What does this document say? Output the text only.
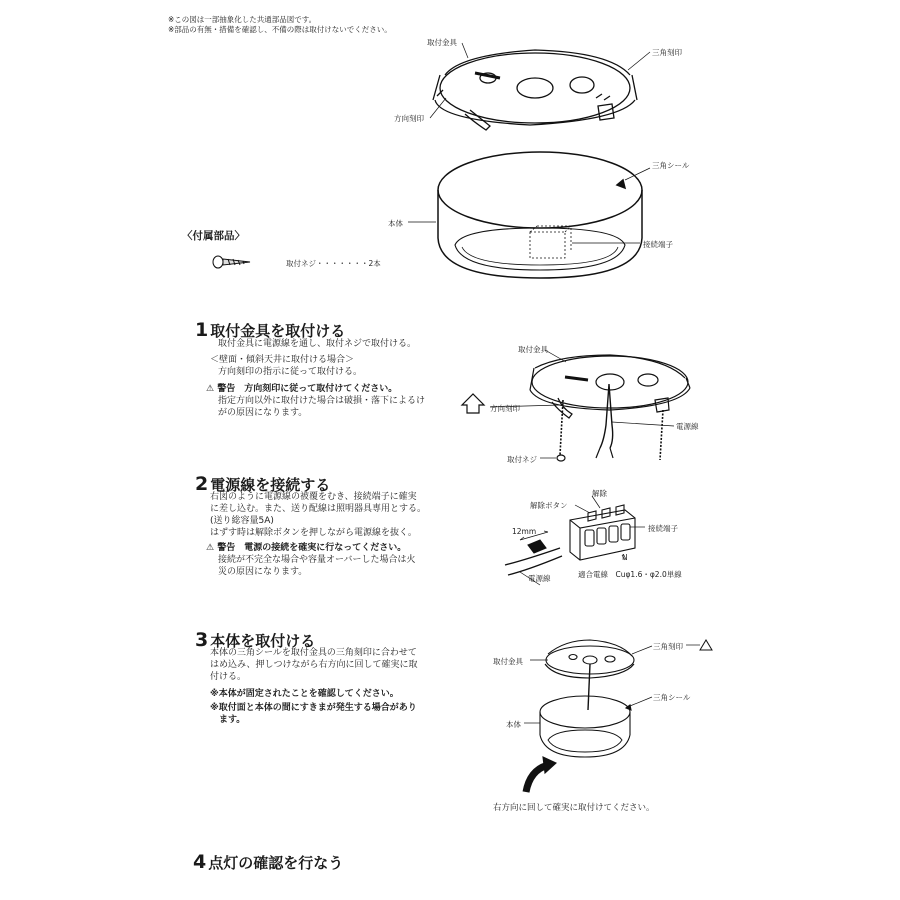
※この図は一部抽象化した共通部品図です。
※部品の有無・措備を確認し、不備の際は取付けないでください。
取付金具
三角刻印
方向刻印
三角シール
本体
接続端子
〈付属部品〉
取付ネジ・・・・・・・2本
1 取付金具を取付ける
取付金具に電源線を通し、取付ネジで取付ける。
＜壁面・傾斜天井に取付ける場合＞
方向刻印の指示に従って取付ける。
⚠ 警告　方向刻印に従って取付けてください。
指定方向以外に取付けた場合は破損・落下によるけ
がの原因になります。
取付金具
方向刻印
電源線
取付ネジ
2 電源線を接続する
右図のように電源線の被覆をむき、接続端子に確実
に差し込む。また、送り配線は照明器具専用とする。
(送り総容量5A)
はずす時は解除ボタンを押しながら電源線を抜く。
⚠ 警告　電源の接続を確実に行なってください。
接続が不完全な場合や容量オーバーした場合は火
災の原因になります。
解除
解除ボタン
接続端子
12mm
N
電源線	適合電線　Cuφ1.6・φ2.0単線
3 本体を取付ける
本体の三角シールを取付金具の三角刻印に合わせて
はめ込み、押しつけながら右方向に回して確実に取
付ける。
※本体が固定されたことを確認してください。
※取付面と本体の間にすきまが発生する場合があり
　ます。
三角刻印
取付金具
三角シール
本体
右方向に回して確実に取付けてください。
4 点灯の確認を行なう
